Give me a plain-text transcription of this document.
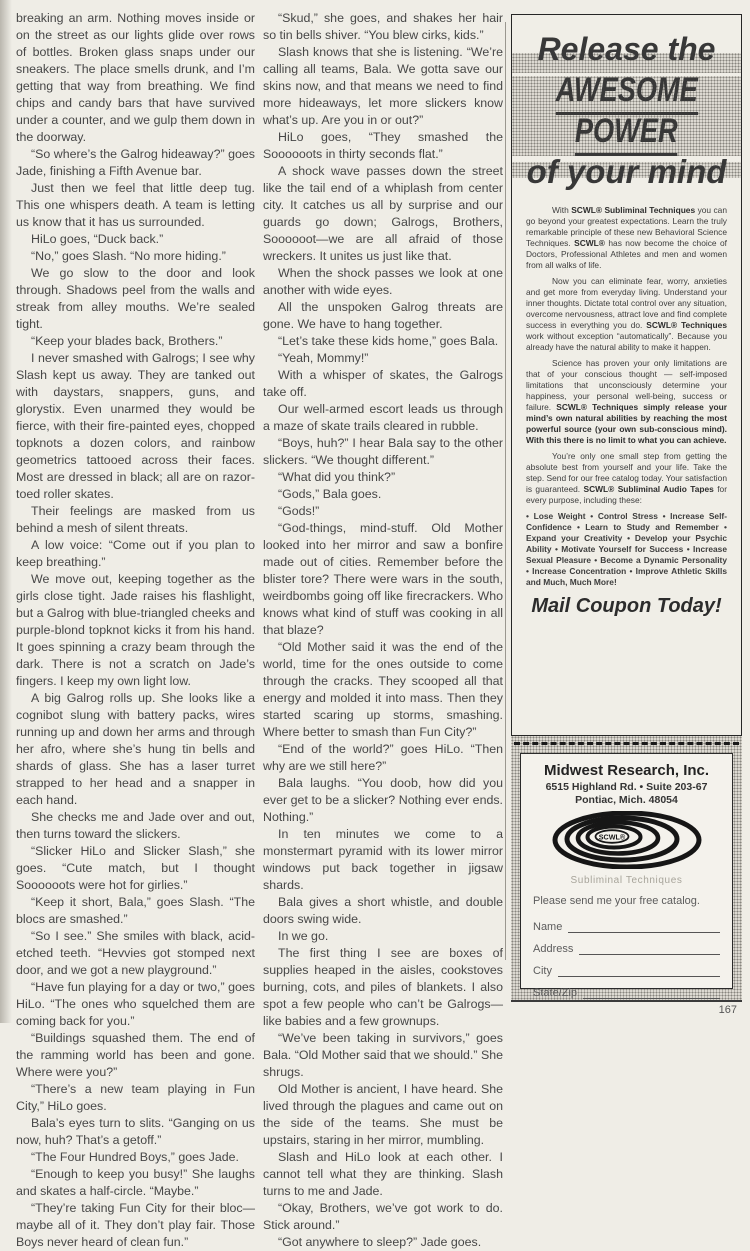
breaking an arm. Nothing moves inside or on the street as our lights glide over rows of bottles. Broken glass snaps under our sneakers. The place smells drunk, and I’m getting that way from breathing. We find chips and candy bars that have survived under a counter, and we gulp them down in the doorway.

“So where’s the Galrog hideaway?” goes Jade, finishing a Fifth Avenue bar.

Just then we feel that little deep tug. This one whispers death. A team is letting us know that it has us surrounded.

HiLo goes, “Duck back.”

“No,” goes Slash. “No more hiding.”

We go slow to the door and look through. Shadows peel from the walls and streak from alley mouths. We’re sealed tight.

“Keep your blades back, Brothers.”

I never smashed with Galrogs; I see why Slash kept us away. They are tanked out with daystars, snappers, guns, and glorystix. Even unarmed they would be fierce, with their fire-painted eyes, chopped topknots a dozen colors, and rainbow geometrics tattooed across their faces. Most are dressed in black; all are on razor-toed roller skates.

Their feelings are masked from us behind a mesh of silent threats.

A low voice: “Come out if you plan to keep breathing.”

We move out, keeping together as the girls close tight. Jade raises his flashlight, but a Galrog with blue-triangled cheeks and purple-blond topknot kicks it from his hand. It goes spinning a crazy beam through the dark. There is not a scratch on Jade’s fingers. I keep my own light low.

A big Galrog rolls up. She looks like a cognibot slung with battery packs, wires running up and down her arms and through her afro, where she’s hung tin bells and shards of glass. She has a laser turret strapped to her head and a snapper in each hand.

She checks me and Jade over and out, then turns toward the slickers.

“Slicker HiLo and Slicker Slash,” she goes. “Cute match, but I thought Soooooots were hot for girlies.”

“Keep it short, Bala,” goes Slash. “The blocs are smashed.”

“So I see.” She smiles with black, acid-etched teeth. “Hevvies got stomped next door, and we got a new playground.”

“Have fun playing for a day or two,” goes HiLo. “The ones who squelched them are coming back for you.”

“Buildings squashed them. The end of the ramming world has been and gone. Where were you?”

“There’s a new team playing in Fun City,” HiLo goes.

Bala’s eyes turn to slits. “Ganging on us now, huh? That’s a getoff.”

“The Four Hundred Boys,” goes Jade.

“Enough to keep you busy!” She laughs and skates a half-circle. “Maybe.”

“They’re taking Fun City for their bloc—maybe all of it. They don’t play fair. Those Boys never heard of clean fun.”

“Skud,” she goes, and shakes her hair so tin bells shiver. “You blew cirks, kids.”

Slash knows that she is listening. “We’re calling all teams, Bala. We gotta save our skins now, and that means we need to find more hideaways, let more slickers know what’s up. Are you in or out?”

HiLo goes, “They smashed the Soooooots in thirty seconds flat.”

A shock wave passes down the street like the tail end of a whiplash from center city. It catches us all by surprise and our guards go down; Galrogs, Brothers, Soooooot—we are all afraid of those wreckers. It unites us just like that.

When the shock passes we look at one another with wide eyes.

All the unspoken Galrog threats are gone. We have to hang together.

“Let’s take these kids home,” goes Bala.

“Yeah, Mommy!”

With a whisper of skates, the Galrogs take off.

Our well-armed escort leads us through a maze of skate trails cleared in rubble.

“Boys, huh?” I hear Bala say to the other slickers. “We thought different.”

“What did you think?”

“Gods,” Bala goes.

“Gods!”

“God-things, mind-stuff. Old Mother looked into her mirror and saw a bonfire made out of cities. Remember before the blister tore? There were wars in the south, weirdbombs going off like firecrackers. Who knows what kind of stuff was cooking in all that blaze?

“Old Mother said it was the end of the world, time for the ones outside to come through the cracks. They scooped all that energy and molded it into mass. Then they started scaring up storms, smashing. Where better to smash than Fun City?”

“End of the world?” goes HiLo. “Then why are we still here?”

Bala laughs. “You doob, how did you ever get to be a slicker? Nothing ever ends. Nothing.”

In ten minutes we come to a monstermart pyramid with its lower mirror windows put back together in jigsaw shards.

Bala gives a short whistle, and double doors swing wide.

In we go.

The first thing I see are boxes of supplies heaped in the aisles, cookstoves burning, cots, and piles of blankets. I also spot a few people who can’t be Galrogs—like babies and a few grownups.

“We’ve been taking in survivors,” goes Bala. “Old Mother said that we should.” She shrugs.

Old Mother is ancient, I have heard. She lived through the plagues and came out on the side of the teams. She must be upstairs, staring in her mirror, mumbling.

Slash and HiLo look at each other. I cannot tell what they are thinking. Slash turns to me and Jade.

“Okay, Brothers, we’ve got work to do. Stick around.”

“Got anywhere to sleep?” Jade goes.

Release the
AWESOME
POWER
of your mind

With SCWL® Subliminal Techniques you can go beyond your greatest expectations. Learn the truly remarkable principle of these new Behavioral Science Techniques. SCWL® has now become the choice of Doctors, Professional Athletes and men and women from all walks of life.

Now you can eliminate fear, worry, anxieties and get more from everyday living. Understand your inner thoughts. Dictate total control over any situation, overcome nervousness, attract love and find complete success in everything you do. SCWL® Techniques work without exception “automatically”. Because you already have the natural ability to make it happen.

Science has proven your only limitations are that of your conscious thought — self-imposed limitations that unconsciously determine your happiness, your personal well-being, success or failure. SCWL® Techniques simply release your mind’s own natural abilities by reaching the most powerful source (your own sub-conscious mind). With this there is no limit to what you can achieve.

You’re only one small step from getting the absolute best from yourself and your life. Take the step. Send for our free catalog today. Your satisfaction is guaranteed. SCWL® Subliminal Audio Tapes for every purpose, including these:

• Lose Weight • Control Stress • Increase Self-Confidence • Learn to Study and Remember • Expand your Creativity • Develop your Psychic Ability • Motivate Yourself for Success • Increase Sexual Pleasure • Become a Dynamic Personality • Increase Concentration • Improve Athletic Skills and Much, Much More!

Mail Coupon Today!
Midwest Research, Inc.
6515 Highland Rd. • Suite 203-67
Pontiac, Mich. 48054
SCWL®
Subliminal Techniques
Please send me your free catalog.
Name
Address
City
State/Zip
167
